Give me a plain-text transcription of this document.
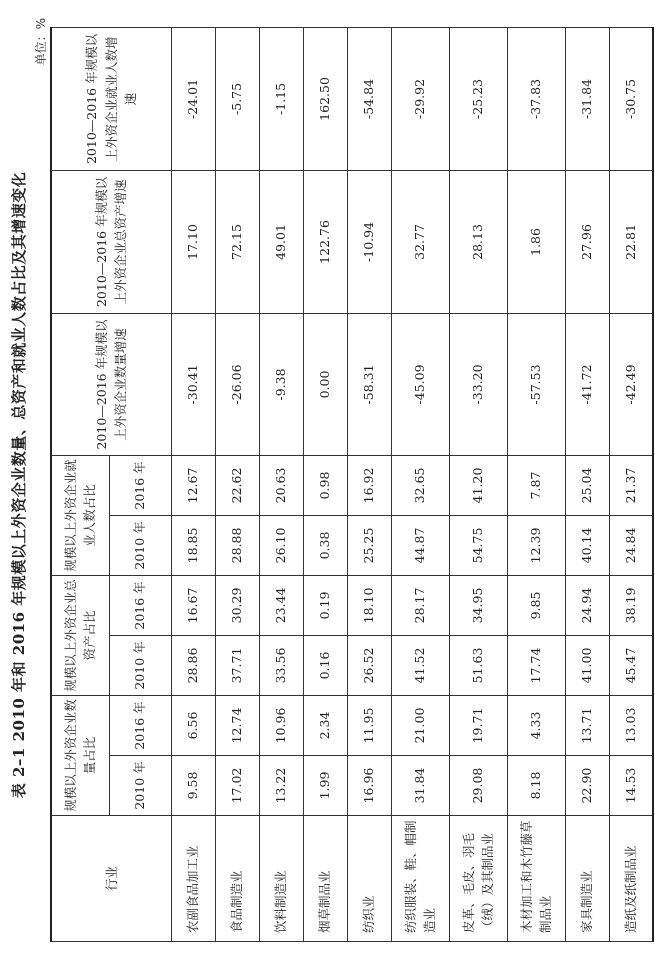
表 2–1 2010 年和 2016 年规模以上外资企业数量、总资产和就业人数占比及其增速变化
单位：%
行业	规模以上外资企业数量占比		规模以上外资企业总资产占比		规模以上外资企业就业人数占比		2010—2016 年规模以上外资企业数量增速	2010—2016 年规模以上外资企业总资产增速	2010—2016 年规模以上外资企业就业人数增速
	2010 年	2016 年	2010 年	2016 年	2010 年	2016 年			
农副食品加工业	9.58	6.56	28.86	16.67	18.85	12.67	-30.41	17.10	-24.01
食品制造业	17.02	12.74	37.71	30.29	28.88	22.62	-26.06	72.15	-5.75
饮料制造业	13.22	10.96	33.56	23.44	26.10	20.63	-9.38	49.01	-1.15
烟草制品业	1.99	2.34	0.16	0.19	0.38	0.98	0.00	122.76	162.50
纺织业	16.96	11.95	26.52	18.10	25.25	16.92	-58.31	-10.94	-54.84
纺织服装、鞋、帽制造业	31.84	21.00	41.52	28.17	44.87	32.65	-45.09	32.77	-29.92
皮革、毛皮、羽毛（绒）及其制品业	29.08	19.71	51.63	34.95	54.75	41.20	-33.20	28.13	-25.23
木材加工和木竹藤草制品业	8.18	4.33	17.74	9.85	12.39	7.87	-57.53	1.86	-37.83
家具制造业	22.90	13.71	41.00	24.94	40.14	25.04	-41.72	27.96	-31.84
造纸及纸制品业	14.53	13.03	45.47	38.19	24.84	21.37	-42.49	22.81	-30.75
